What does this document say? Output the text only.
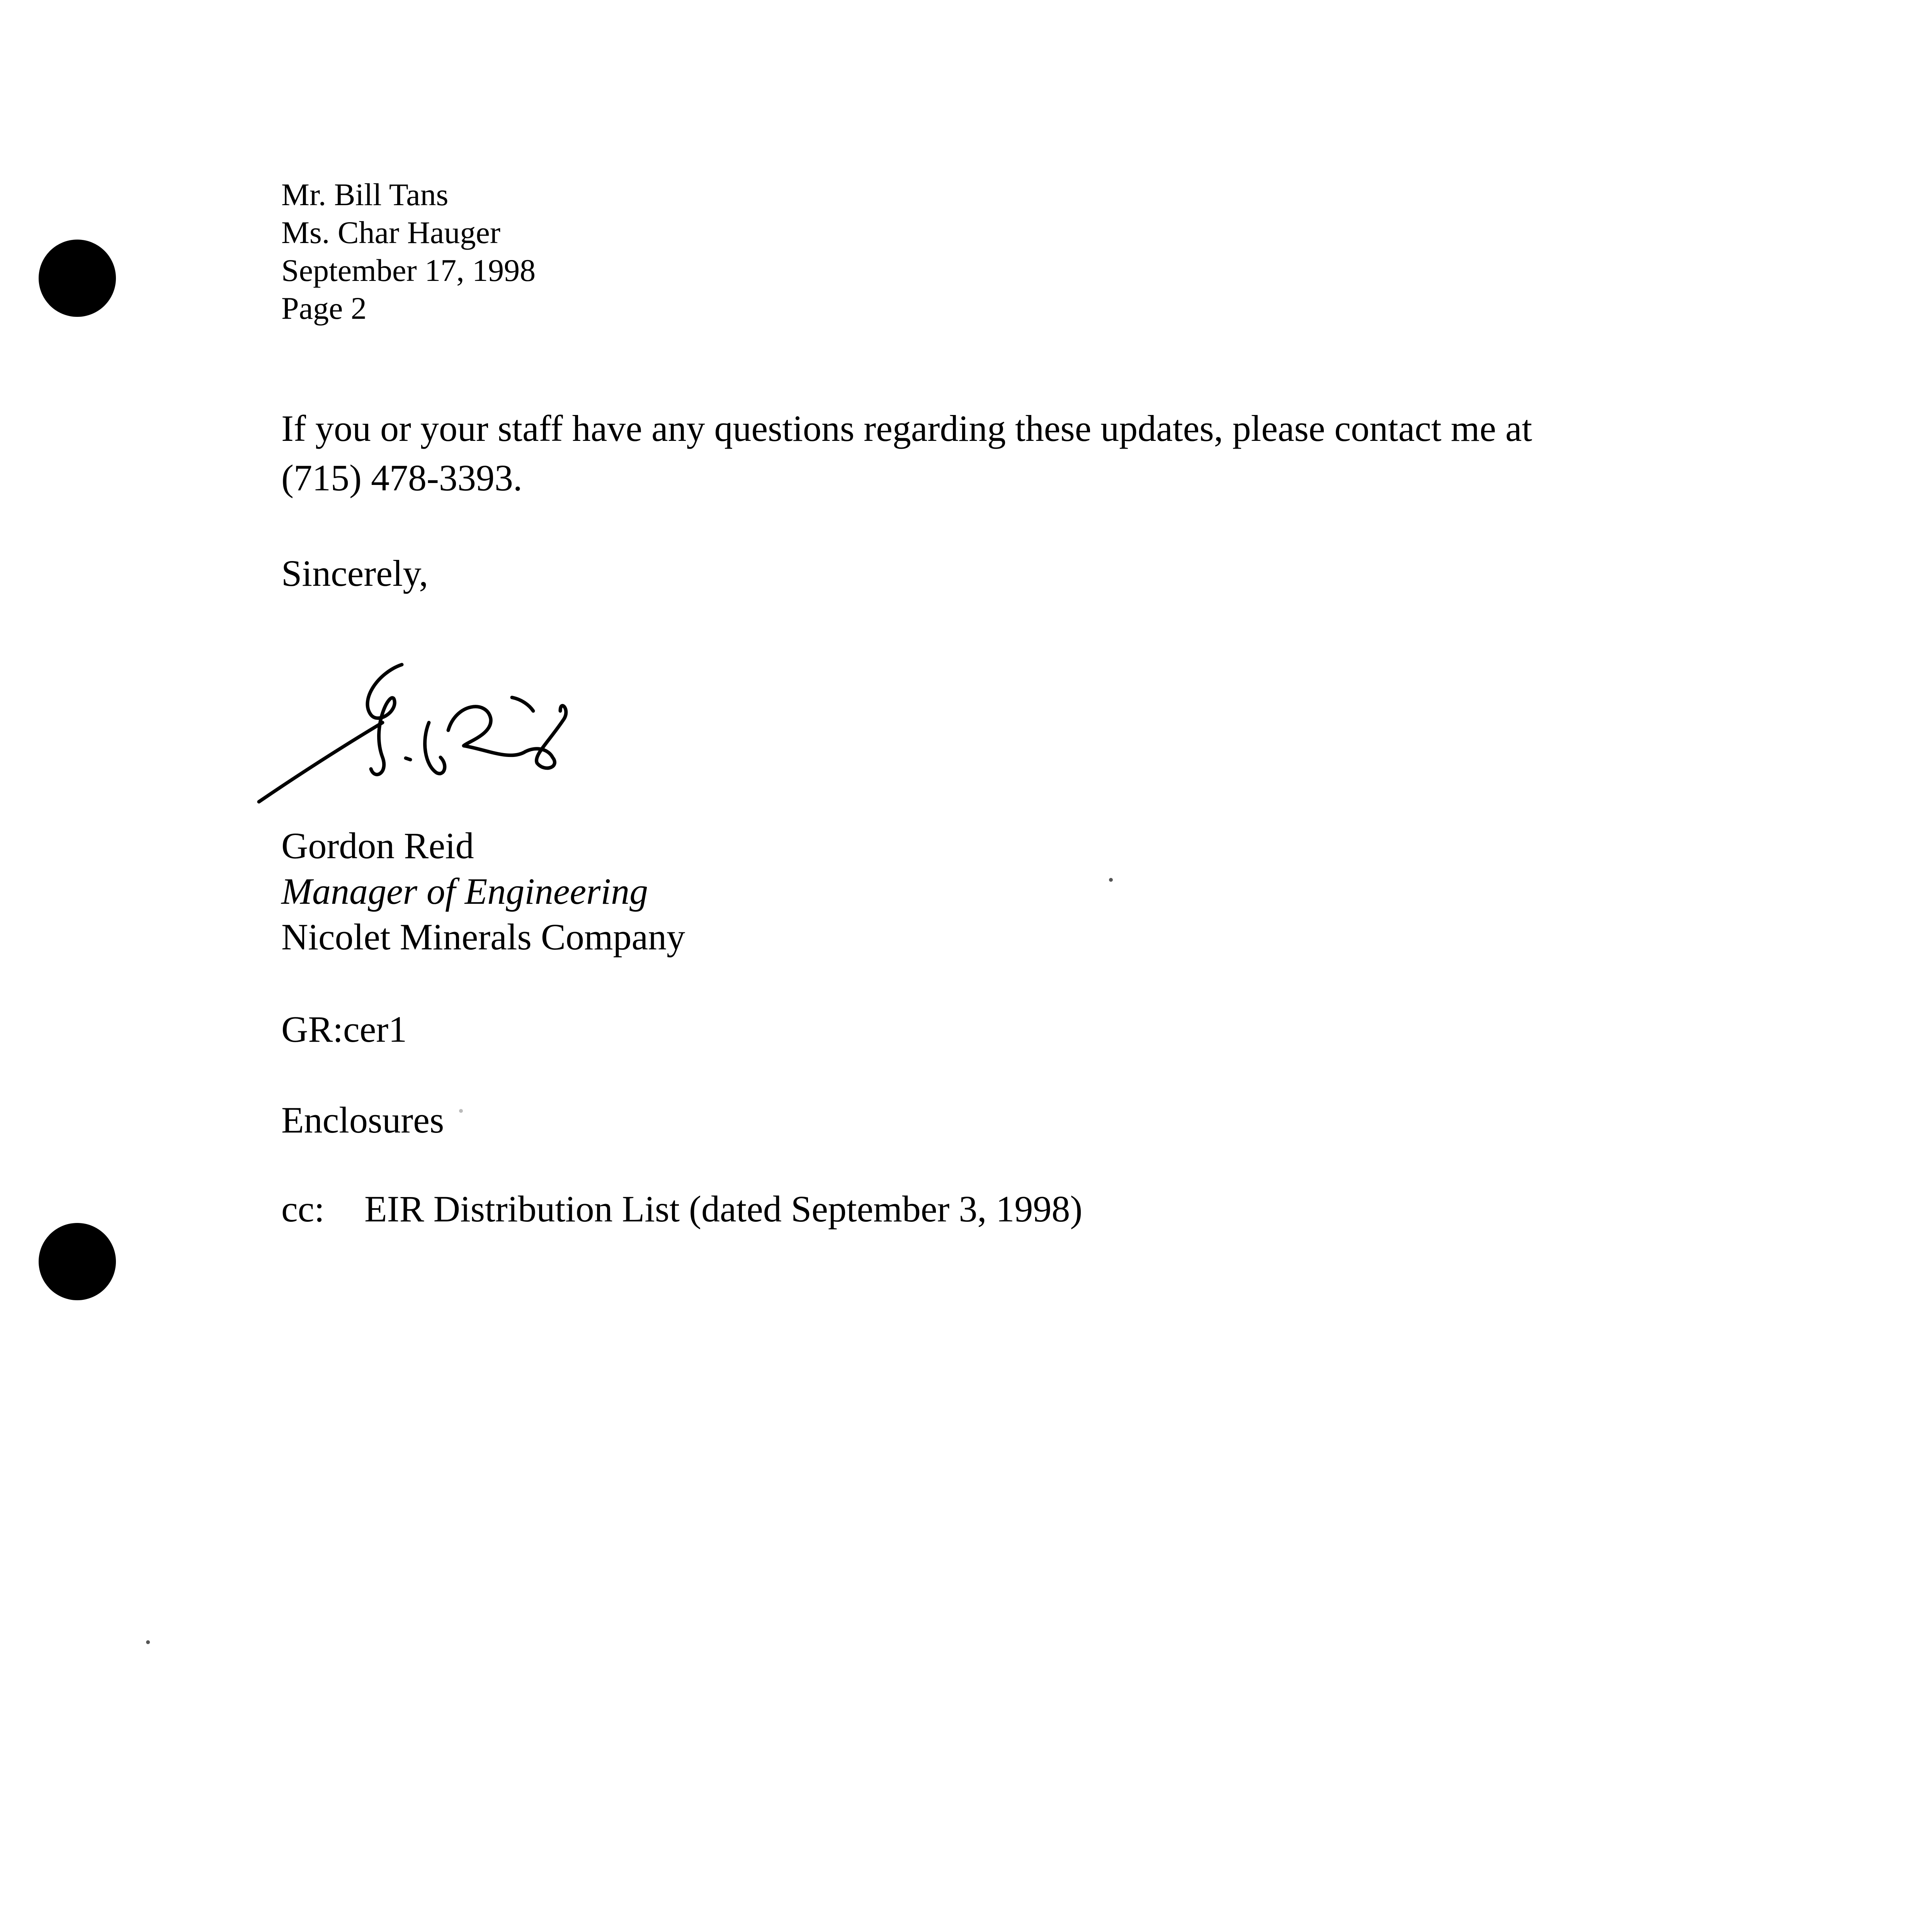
Mr. Bill Tans
Ms. Char Hauger
September 17, 1998
Page 2
If you or your staff have any questions regarding these updates, please contact me at
(715) 478-3393.
Sincerely,
Gordon Reid
Manager of Engineering
Nicolet Minerals Company
GR:cer1
Enclosures
cc: EIR Distribution List (dated September 3, 1998)
